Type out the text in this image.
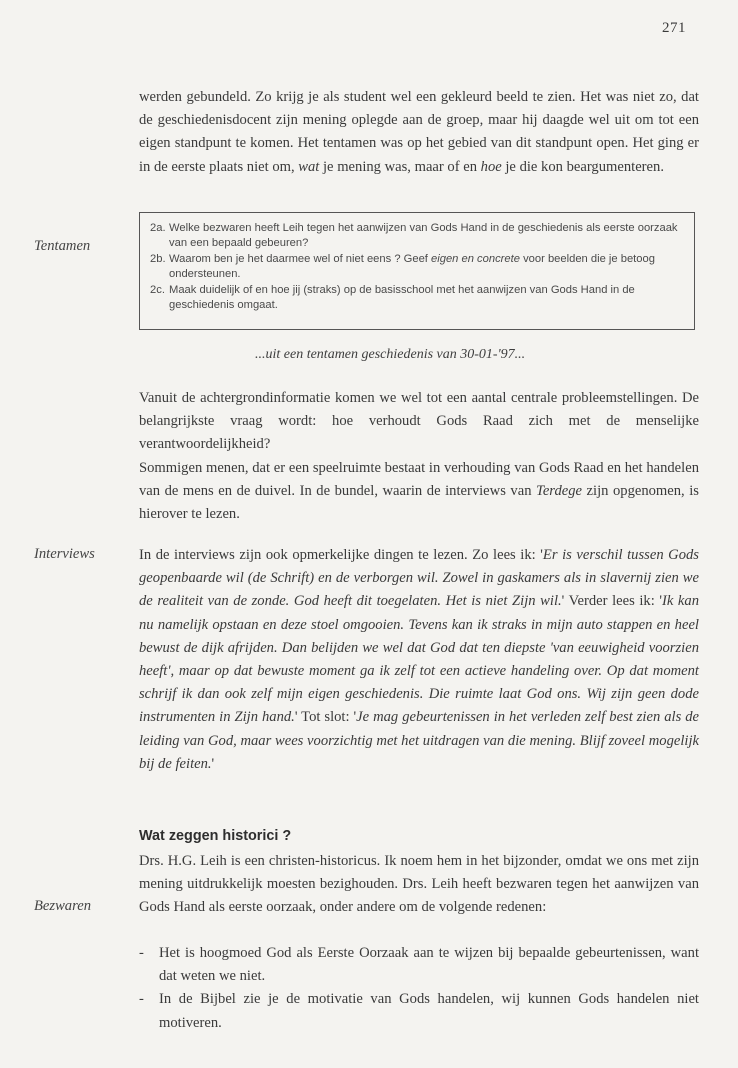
271
werden gebundeld. Zo krijg je als student wel een gekleurd beeld te zien. Het was niet zo, dat de geschiedenisdocent zijn mening oplegde aan de groep, maar hij daagde wel uit om tot een eigen standpunt te komen. Het tentamen was op het gebied van dit standpunt open. Het ging er in de eerste plaats niet om, wat je mening was, maar of en hoe je die kon beargumenteren.
Tentamen
2a. Welke bezwaren heeft Leih tegen het aanwijzen van Gods Hand in de geschiedenis als eerste oorzaak van een bepaald gebeuren?
2b. Waarom ben je het daarmee wel of niet eens ? Geef eigen en concrete voor beelden die je betoog ondersteunen.
2c. Maak duidelijk of en hoe jij (straks) op de basisschool met het aanwijzen van Gods Hand in de geschiedenis omgaat.
...uit een tentamen geschiedenis van 30-01-'97...
Vanuit de achtergrondinformatie komen we wel tot een aantal centrale probleemstellingen. De belangrijkste vraag wordt: hoe verhoudt Gods Raad zich met de menselijke verantwoordelijkheid?
Sommigen menen, dat er een speelruimte bestaat in verhouding van Gods Raad en het handelen van de mens en de duivel. In de bundel, waarin de interviews van Terdege zijn opgenomen, is hierover te lezen.
Interviews	In de interviews zijn ook opmerkelijke dingen te lezen. Zo lees ik: 'Er is verschil tussen Gods geopenbaarde wil (de Schrift) en de verborgen wil. Zowel in gaskamers als in slavernij zien we de realiteit van de zonde. God heeft dit toegelaten. Het is niet Zijn wil.' Verder lees ik: 'Ik kan nu namelijk opstaan en deze stoel omgooien. Tevens kan ik straks in mijn auto stappen en heel bewust de dijk afrijden. Dan belijden we wel dat God dat ten diepste 'van eeuwigheid voorzien heeft', maar op dat bewuste moment ga ik zelf tot een actieve handeling over. Op dat moment schrijf ik dan ook zelf mijn eigen geschiedenis. Die ruimte laat God ons. Wij zijn geen dode instrumenten in Zijn hand.' Tot slot: 'Je mag gebeurtenissen in het verleden zelf best zien als de leiding van God, maar wees voorzichtig met het uitdragen van die mening. Blijf zoveel mogelijk bij de feiten.'
Wat zeggen historici ?
Drs. H.G. Leih is een christen-historicus. Ik noem hem in het bijzonder, omdat we ons met zijn mening uitdrukkelijk moesten bezighouden. Drs. Leih heeft bezwaren tegen het aanwijzen van Gods Hand als eerste oorzaak, onder andere om de volgende redenen:
Bezwaren
-	Het is hoogmoed God als Eerste Oorzaak aan te wijzen bij bepaalde gebeurtenissen, want dat weten we niet.
-	In de Bijbel zie je de motivatie van Gods handelen, wij kunnen Gods handelen niet motiveren.
